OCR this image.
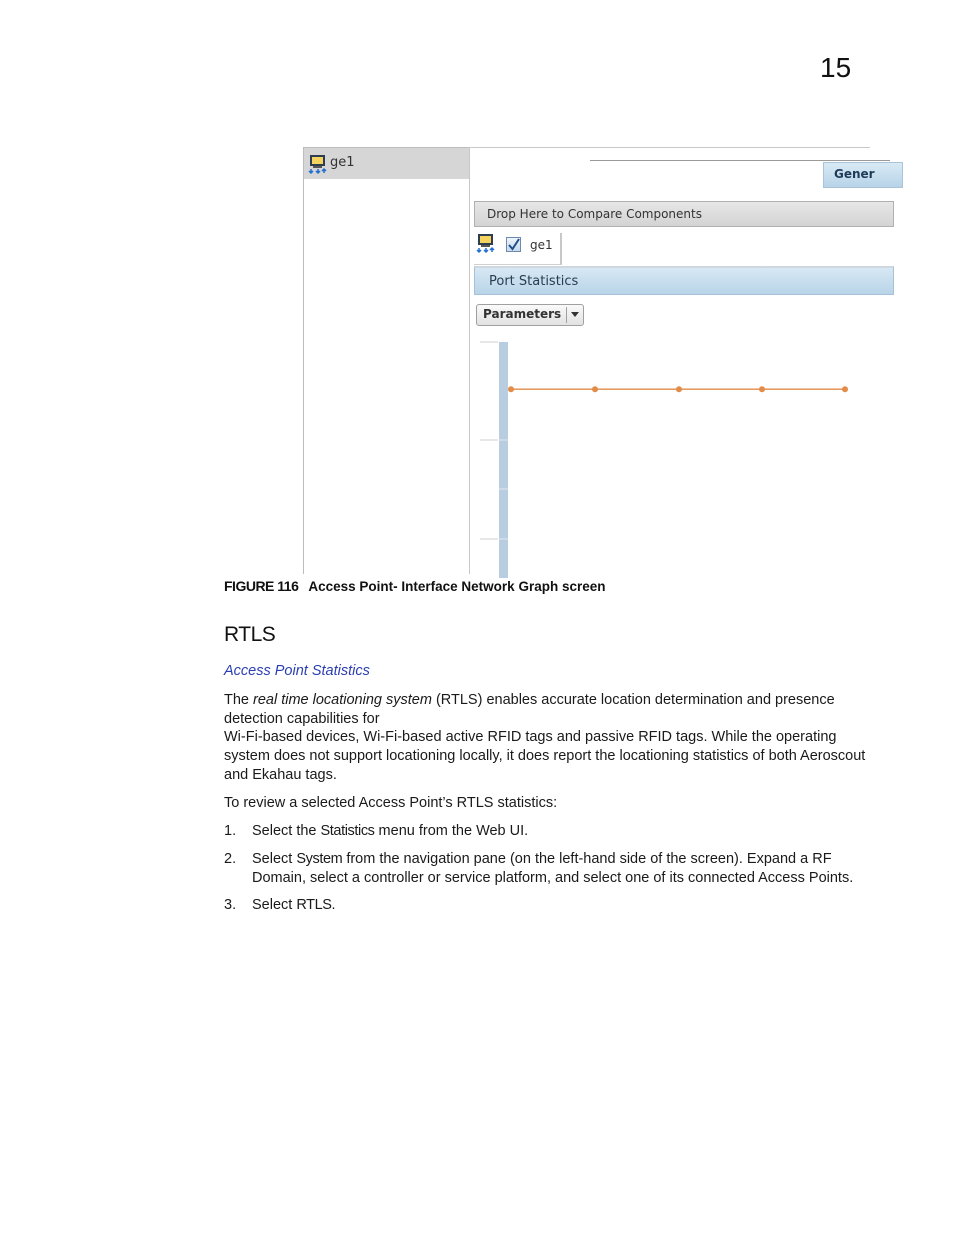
15
ge1
Gener
Drop Here to Compare Components
ge1
Port Statistics
Parameters
FIGURE 116 Access Point- Interface Network Graph screen
RTLS
Access Point Statistics
The real time locationing system (RTLS) enables accurate location determination and presence detection capabilities for
Wi-Fi-based devices, Wi-Fi-based active RFID tags and passive RFID tags. While the operating system does not support locationing locally, it does report the locationing statistics of both Aeroscout and Ekahau tags.
To review a selected Access Point’s RTLS statistics:
1. Select the Statistics menu from the Web UI.
2. Select System from the navigation pane (on the left-hand side of the screen). Expand a RF Domain, select a controller or service platform, and select one of its connected Access Points.
3. Select RTLS.
